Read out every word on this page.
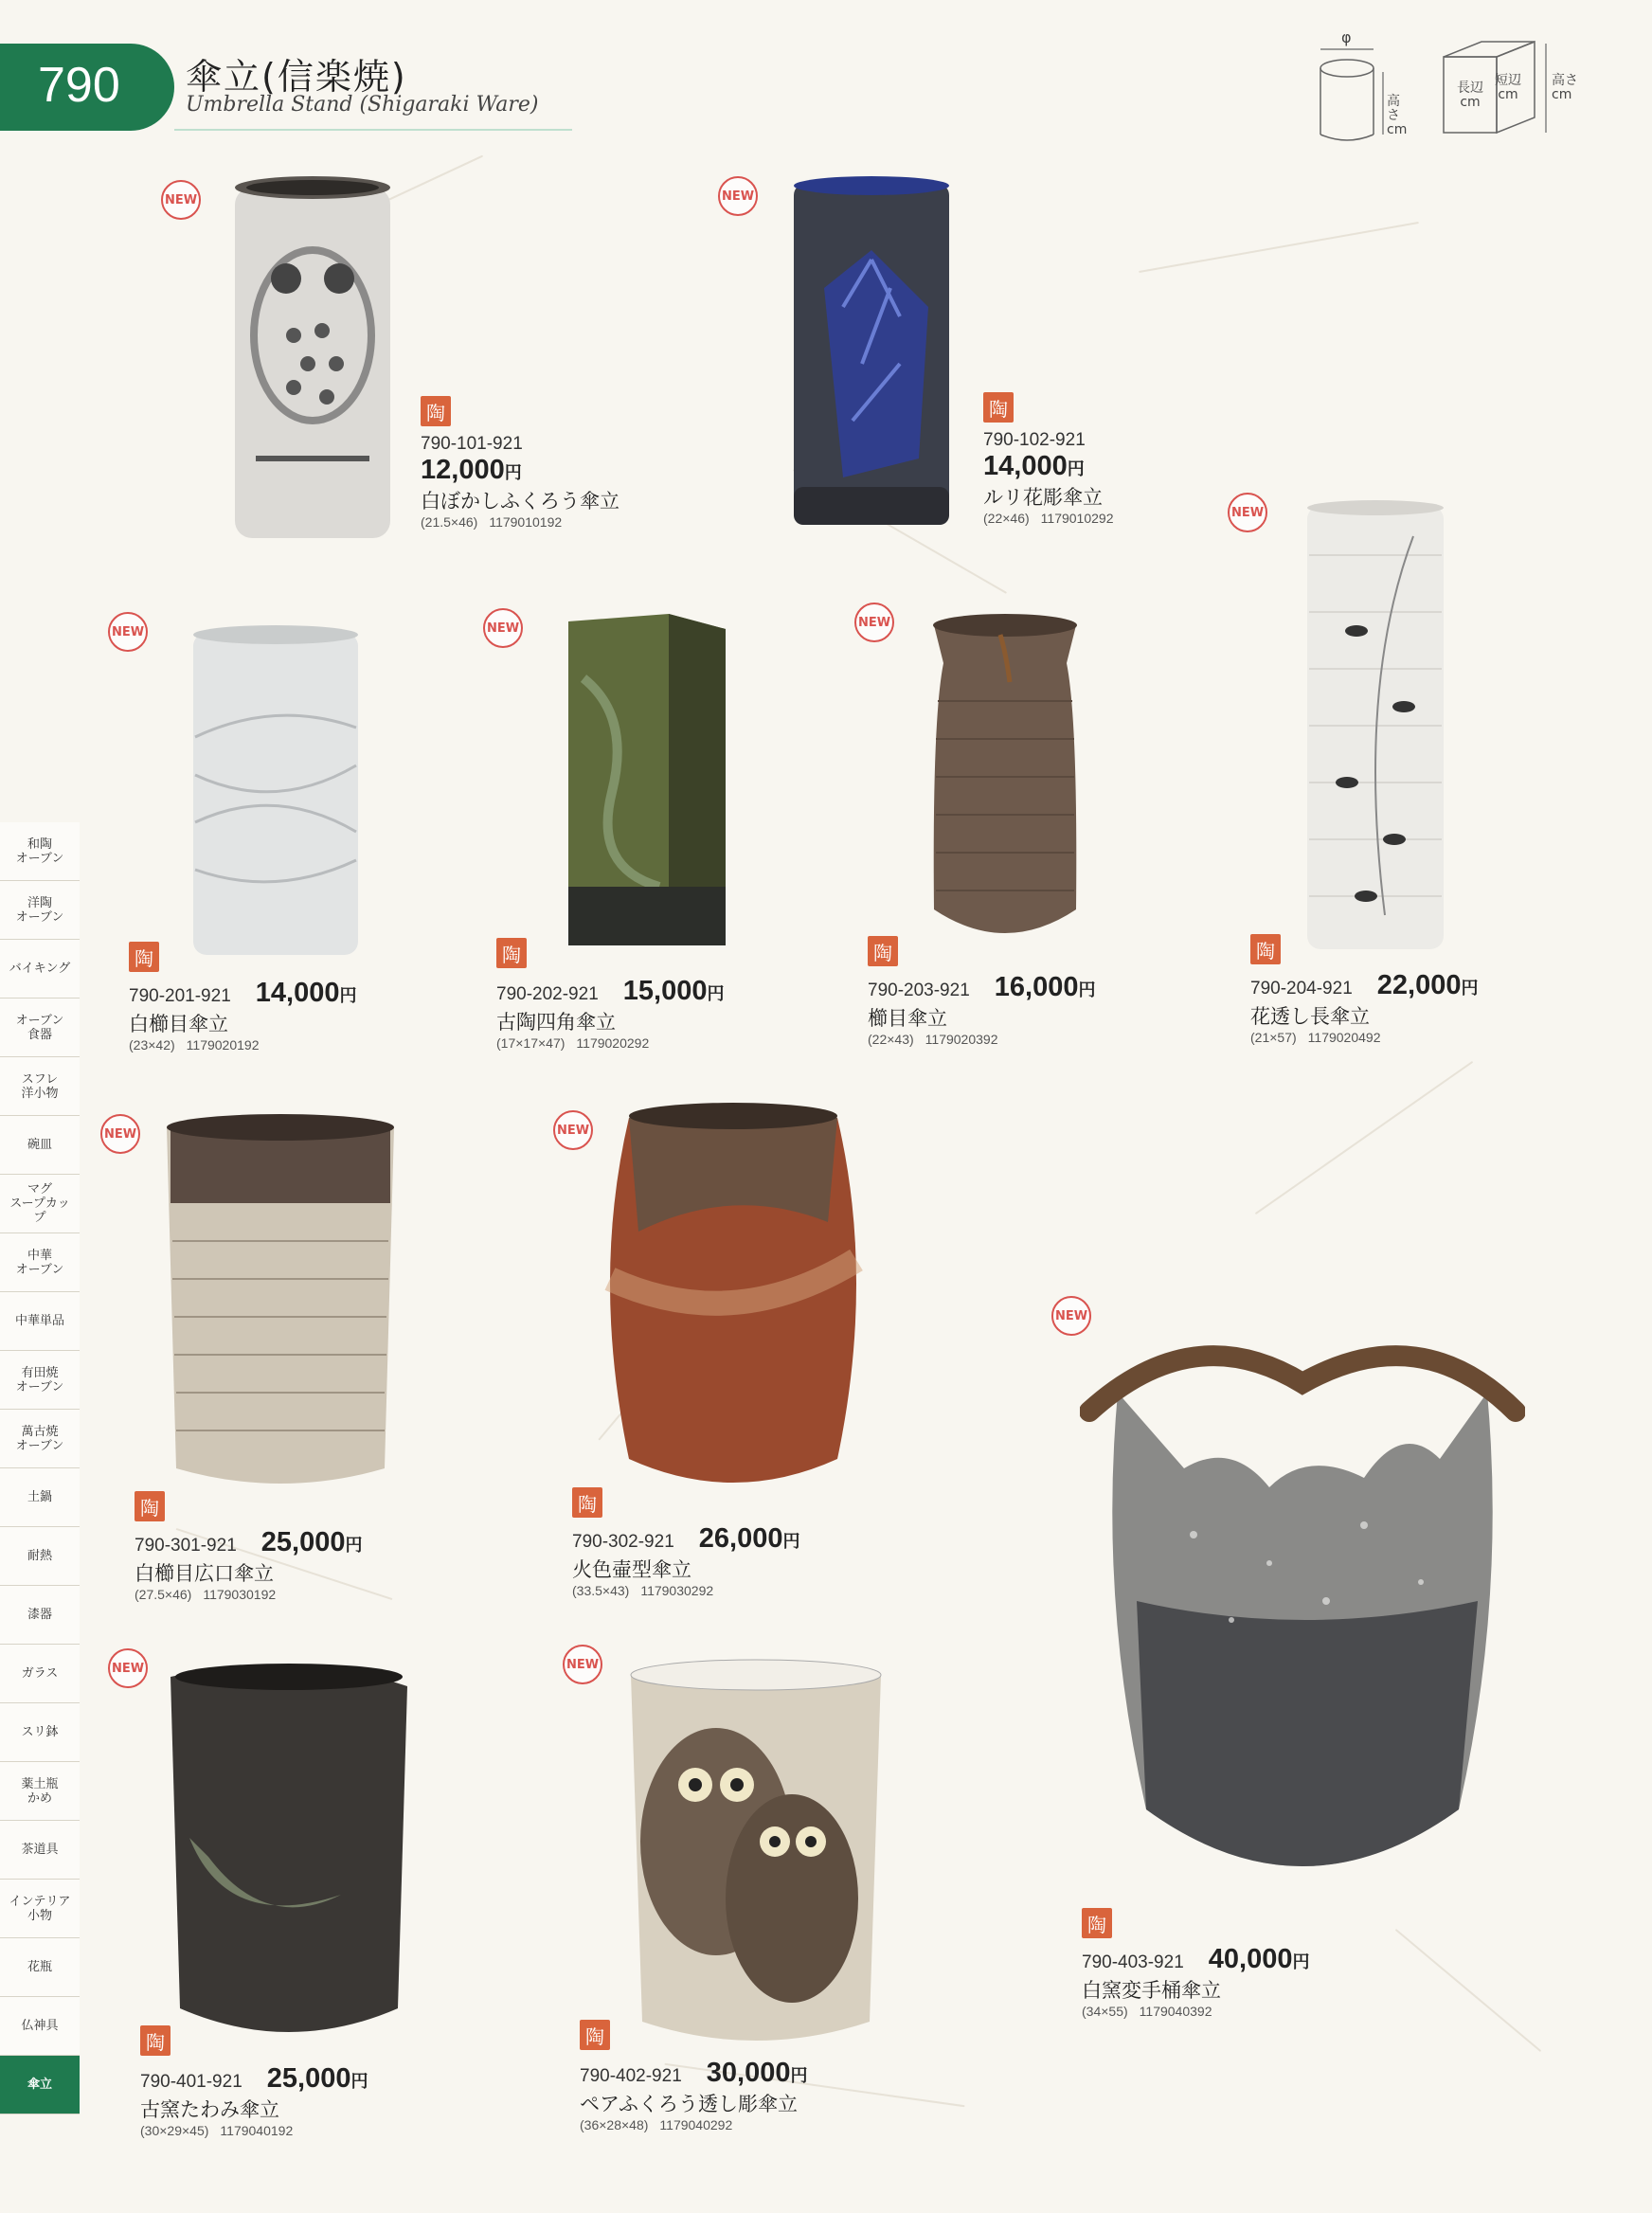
790 傘立(信楽焼)
Umbrella Stand (Shigaraki Ware)
φ
高さ
cm
長辺
cm
短辺
cm
高さ
cm
和陶
オーブン
洋陶
オーブン
バイキング
オーブン
食器
スフレ
洋小物
碗皿
マグ
スープカップ
中華
オーブン
中華単品
有田焼
オーブン
萬古焼
オーブン
土鍋
耐熱
漆器
ガラス
スリ鉢
薬土瓶
かめ
茶道具
インテリア
小物
花瓶
仏神具
傘立
NEW
陶
790-101-921
12,000円
白ぼかしふくろう傘立
(21.5×46) 1179010192
NEW
陶
790-102-921
14,000円
ルリ花彫傘立
(22×46) 1179010292
NEW
陶
790-201-921 14,000円
白櫛目傘立
(23×42) 1179020192
NEW
陶
790-202-921 15,000円
古陶四角傘立
(17×17×47) 1179020292
NEW
陶
790-203-921 16,000円
櫛目傘立
(22×43) 1179020392
NEW
陶
790-204-921 22,000円
花透し長傘立
(21×57) 1179020492
NEW
陶
790-301-921 25,000円
白櫛目広口傘立
(27.5×46) 1179030192
NEW
陶
790-302-921 26,000円
火色壷型傘立
(33.5×43) 1179030292
NEW
陶
790-401-921 25,000円
古窯たわみ傘立
(30×29×45) 1179040192
NEW
陶
790-402-921 30,000円
ペアふくろう透し彫傘立
(36×28×48) 1179040292
NEW
陶
790-403-921 40,000円
白窯変手桶傘立
(34×55) 1179040392
